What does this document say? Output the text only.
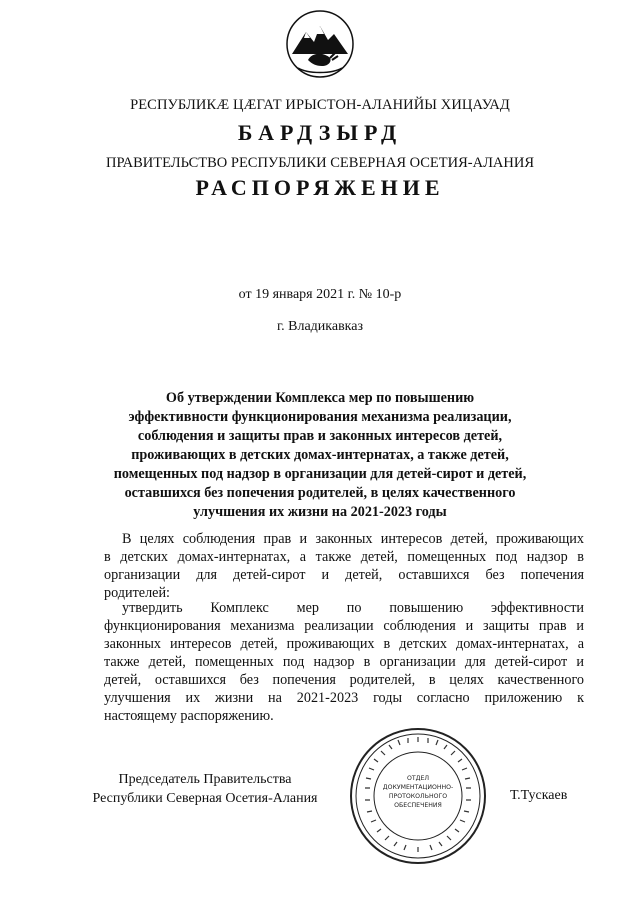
РЕСПУБЛИКӔ ЦӔГАТ ИРЫСТОН-АЛАНИЙЫ ХИЦАУАД
БАРДЗЫРД
ПРАВИТЕЛЬСТВО РЕСПУБЛИКИ СЕВЕРНАЯ ОСЕТИЯ-АЛАНИЯ
РАСПОРЯЖЕНИЕ
от 19 января 2021 г. № 10-р
г. Владикавказ
Об утверждении Комплекса мер по повышению
эффективности функционирования механизма реализации,
соблюдения и защиты прав и законных интересов детей,
проживающих в детских домах-интернатах, а также детей,
помещенных под надзор в организации для детей-сирот и детей,
оставшихся без попечения родителей, в целях качественного
улучшения их жизни на 2021-2023 годы
В целях соблюдения прав и законных интересов детей, проживающих
в детских домах-интернатах, а также детей, помещенных под надзор в
организации для детей-сирот и детей, оставшихся без попечения
родителей:
утвердить Комплекс мер по повышению эффективности
функционирования механизма реализации соблюдения и защиты прав и
законных интересов детей, проживающих в детских домах-интернатах, а
также детей, помещенных под надзор в организации для детей-сирот и
детей, оставшихся без попечения родителей, в целях качественного
улучшения их жизни на 2021-2023 годы согласно приложению к
настоящему распоряжению.
Председатель Правительства
Республики Северная Осетия-Алания
ОТДЕЛ
ДОКУМЕНТАЦИОННО-
ПРОТОКОЛЬНОГО
ОБЕСПЕЧЕНИЯ
Т.Тускаев
